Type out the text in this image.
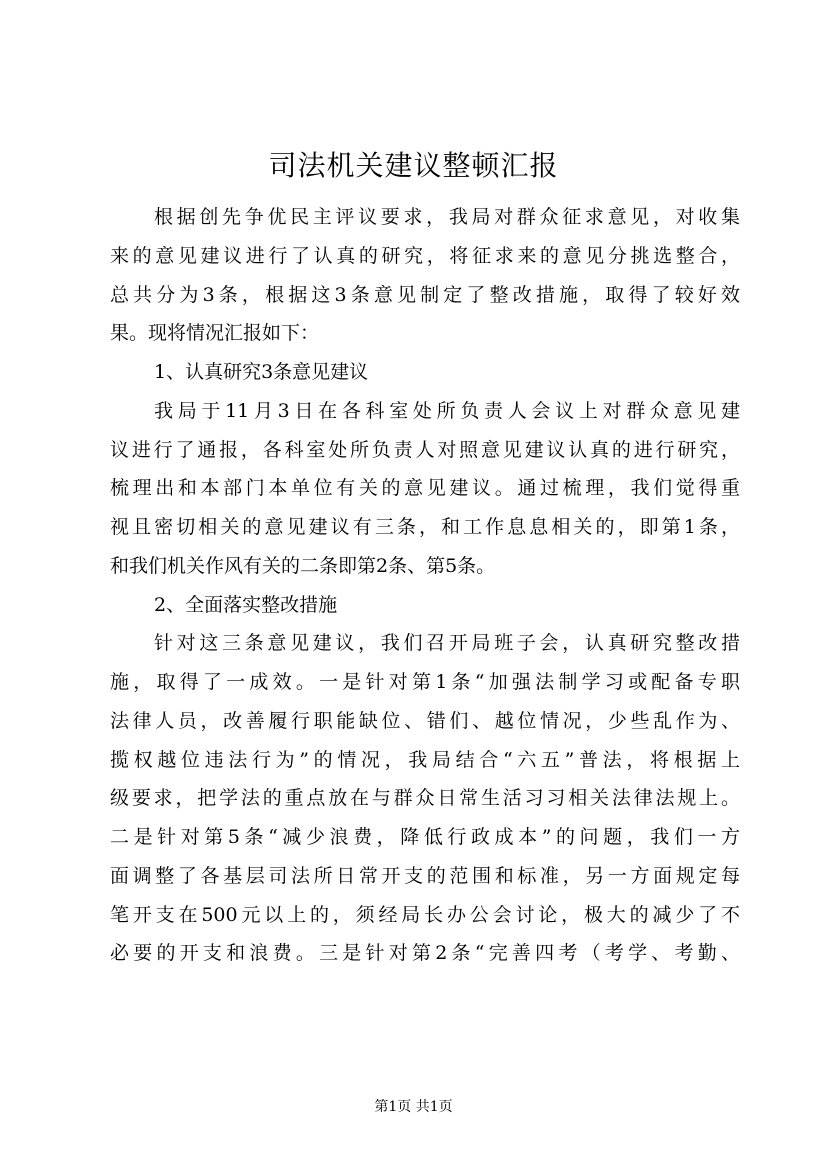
司法机关建议整顿汇报
根据创先争优民主评议要求，我局对群众征求意见，对收集
来的意见建议进行了认真的研究，将征求来的意见分挑选整合，
总共分为3条，根据这3条意见制定了整改措施，取得了较好效
果。现将情况汇报如下：
1、认真研究3条意见建议
我局于11月3日在各科室处所负责人会议上对群众意见建
议进行了通报，各科室处所负责人对照意见建议认真的进行研究，
梳理出和本部门本单位有关的意见建议。通过梳理，我们觉得重
视且密切相关的意见建议有三条，和工作息息相关的，即第1条，
和我们机关作风有关的二条即第2条、第5条。
2、全面落实整改措施
针对这三条意见建议，我们召开局班子会，认真研究整改措
施，取得了一成效。一是针对第1条“加强法制学习或配备专职
法律人员，改善履行职能缺位、错们、越位情况，少些乱作为、
揽权越位违法行为”的情况，我局结合“六五”普法，将根据上
级要求，把学法的重点放在与群众日常生活习习相关法律法规上。
二是针对第5条“减少浪费，降低行政成本”的问题，我们一方
面调整了各基层司法所日常开支的范围和标准，另一方面规定每
笔开支在500元以上的，须经局长办公会讨论，极大的减少了不
必要的开支和浪费。三是针对第2条“完善四考（考学、考勤、
第1页 共1页
